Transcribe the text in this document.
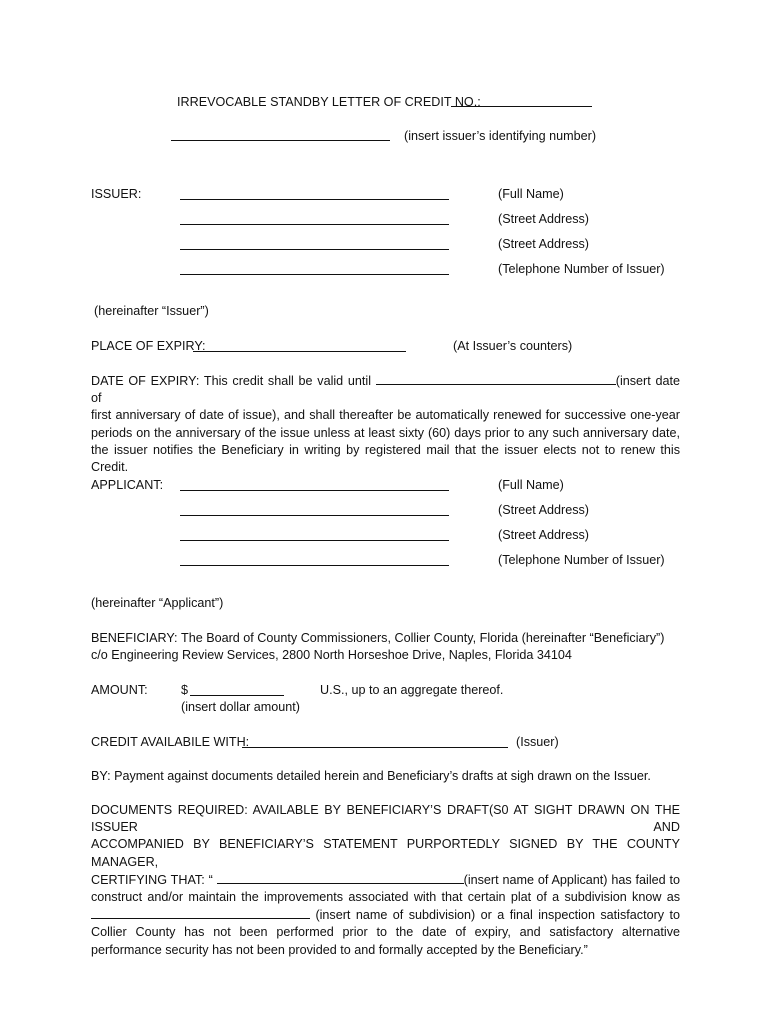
IRREVOCABLE STANDBY LETTER OF CREDIT NO.:
(insert issuer’s identifying number)
ISSUER:	(Full Name)
(Street Address)
(Street Address)
(Telephone Number of Issuer)
(hereinafter “Issuer”)
PLACE OF EXPIRY:	(At Issuer’s counters)

DATE OF EXPIRY: This credit shall be valid until	(insert date of

first anniversary of date of issue), and shall thereafter be automatically renewed for successive one-year periods on the anniversary of the issue unless at least sixty (60) days prior to any such anniversary date, the issuer notifies the Beneficiary in writing by registered mail that the issuer elects not to renew this Credit.

APPLICANT:	(Full Name)
(Street Address)
(Street Address)
(Telephone Number of Issuer)
(hereinafter “Applicant”)
BENEFICIARY: The Board of County Commissioners, Collier County, Florida (hereinafter “Beneficiary”)
c/o Engineering Review Services, 2800 North Horseshoe Drive, Naples, Florida 34104
AMOUNT:	$	U.S., up to an aggregate thereof.
(insert dollar amount)
CREDIT AVAILABILE WITH:	(Issuer)
BY: Payment against documents detailed herein and Beneficiary’s drafts at sigh drawn on the Issuer.

DOCUMENTS REQUIRED: AVAILABLE BY BENEFICIARY’S DRAFT(S0 AT SIGHT DRAWN ON THE ISSUER AND

ACCOMPANIED BY BENEFICIARY’S STATEMENT PURPORTEDLY SIGNED BY THE COUNTY MANAGER,

CERTIFYING THAT: “	(insert name of Applicant) has failed to

construct and/or maintain the improvements associated with that certain plat of a subdivision know as

(insert name of subdivision) or a final inspection satisfactory to

Collier County has not been performed prior to the date of expiry, and satisfactory alternative

performance security has not been provided to and formally accepted by the Beneficiary.”
